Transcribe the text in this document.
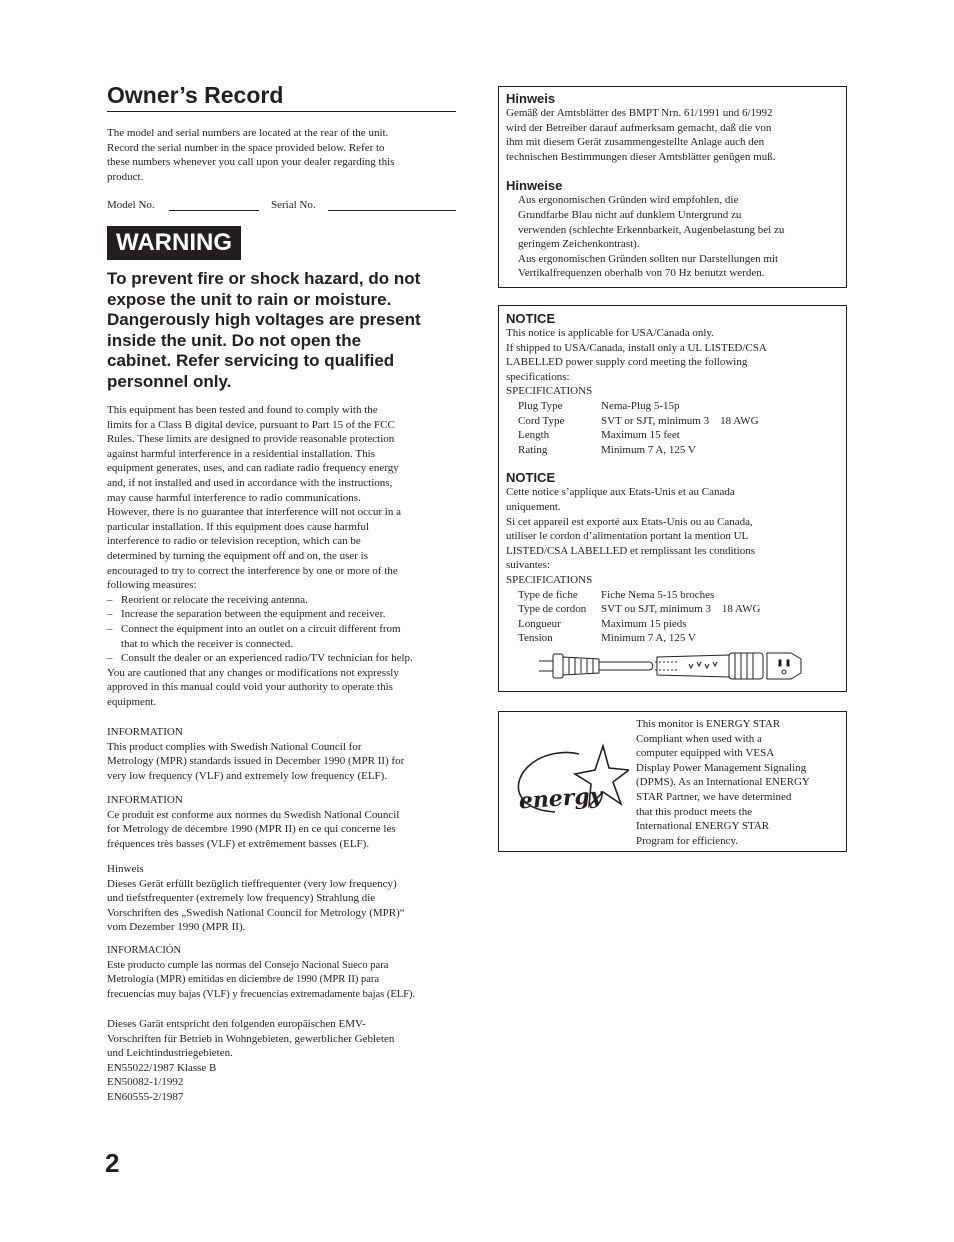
Owner’s Record
The model and serial numbers are located at the rear of the unit.
Record the serial number in the space provided below. Refer to
these numbers whenever you call upon your dealer regarding this
product.
Model No.	Serial No.
WARNING
To prevent fire or shock hazard, do not
expose the unit to rain or moisture.
Dangerously high voltages are present
inside the unit. Do not open the
cabinet. Refer servicing to qualified
personnel only.
This equipment has been tested and found to comply with the
limits for a Class B digital device, pursuant to Part 15 of the FCC
Rules. These limits are designed to provide reasonable protection
against harmful interference in a residential installation. This
equipment generates, uses, and can radiate radio frequency energy
and, if not installed and used in accordance with the instructions,
may cause harmful interference to radio communications.
However, there is no guarantee that interference will not occur in a
particular installation. If this equipment does cause harmful
interference to radio or television reception, which can be
determined by turning the equipment off and on, the user is
encouraged to try to correct the interference by one or more of the
following measures:
– Reorient or relocate the receiving antenna.
– Increase the separation between the equipment and receiver.
– Connect the equipment into an outlet on a circuit different from
that to which the receiver is connected.
– Consult the dealer or an experienced radio/TV technician for help.
You are cautioned that any changes or modifications not expressly
approved in this manual could void your authority to operate this
equipment.
INFORMATION
This product complies with Swedish National Council for
Metrology (MPR) standards issued in December 1990 (MPR II) for
very low frequency (VLF) and extremely low frequency (ELF).
INFORMATION
Ce produit est conforme aux normes du Swedish National Council
for Metrology de décembre 1990 (MPR II) en ce qui concerne les
fréquences très basses (VLF) et extrêmement basses (ELF).
Hinweis
Dieses Gerät erfüllt bezüglich tieffrequenter (very low frequency)
und tiefstfrequenter (extremely low frequency) Strahlung die
Vorschriften des „Swedish National Council for Metrology (MPR)“
vom Dezember 1990 (MPR II).
INFORMACIÓN
Este producto cumple las normas del Consejo Nacional Sueco para
Metrología (MPR) emitidas en diciembre de 1990 (MPR II) para
frecuencias muy bajas (VLF) y frecuencias extremadamente bajas (ELF).
Dieses Garät entspricht den folgenden europäischen EMV-
Vorschriften für Betrieb in Wohngebieten, gewerblicher Gebleten
und Leichtindustriegebieten.
EN55022/1987 Klasse B
EN50082-1/1992
EN60555-2/1987
2

Hinweis

Gemäß der Amtsblätter des BMPT Nrn. 61/1991 und 6/1992
wird der Betreiber darauf aufmerksam gemacht, daß die von
ihm mit diesem Gerät zusammengestellte Anlage auch den
technischen Bestimmungen dieser Amtsblätter genügen muß.

Hinweise

Aus ergonomischen Gründen wird empfohlen, die
Grundfarbe Blau nicht auf dunklem Untergrund zu
verwenden (schlechte Erkennbarkeit, Augenbelastung bei zu
geringem Zeichenkontrast).
Aus ergonomischen Gründen sollten nur Darstellungen mit
Vertikalfrequenzen oberhalb von 70 Hz benutzt werden.

NOTICE

This notice is applicable for USA/Canada only.
If shipped to USA/Canada, install only a UL LISTED/CSA
LABELLED power supply cord meeting the following
specifications:
SPECIFICATIONS
Plug Type	Nema-Plug 5-15p
Cord Type	SVT or SJT, minimum 3    18 AWG
Length	Maximum 15 feet
Rating	Minimum 7 A, 125 V

NOTICE

Cette notice s’applique aux Etats-Unis et au Canada
uniquement.
Si cet appareil est exporté aux Etats-Unis ou au Canada,
utiliser le cordon d’alimentation portant la mention UL
LISTED/CSA LABELLED et remplissant les conditions
suivantes:
SPECIFICATIONS
Type de fiche	Fiche Nema 5-15 broches
Type de cordon	SVT ou SJT, minimum 3    18 AWG
Longueur	Maximum 15 pieds
Tension	Minimum 7 A, 125 V
energy
This monitor is ENERGY STAR
Compliant when used with a
computer equipped with VESA
Display Power Management Signaling
(DPMS). As an International ENERGY
STAR Partner, we have determined
that this product meets the
International ENERGY STAR
Program for efficiency.
